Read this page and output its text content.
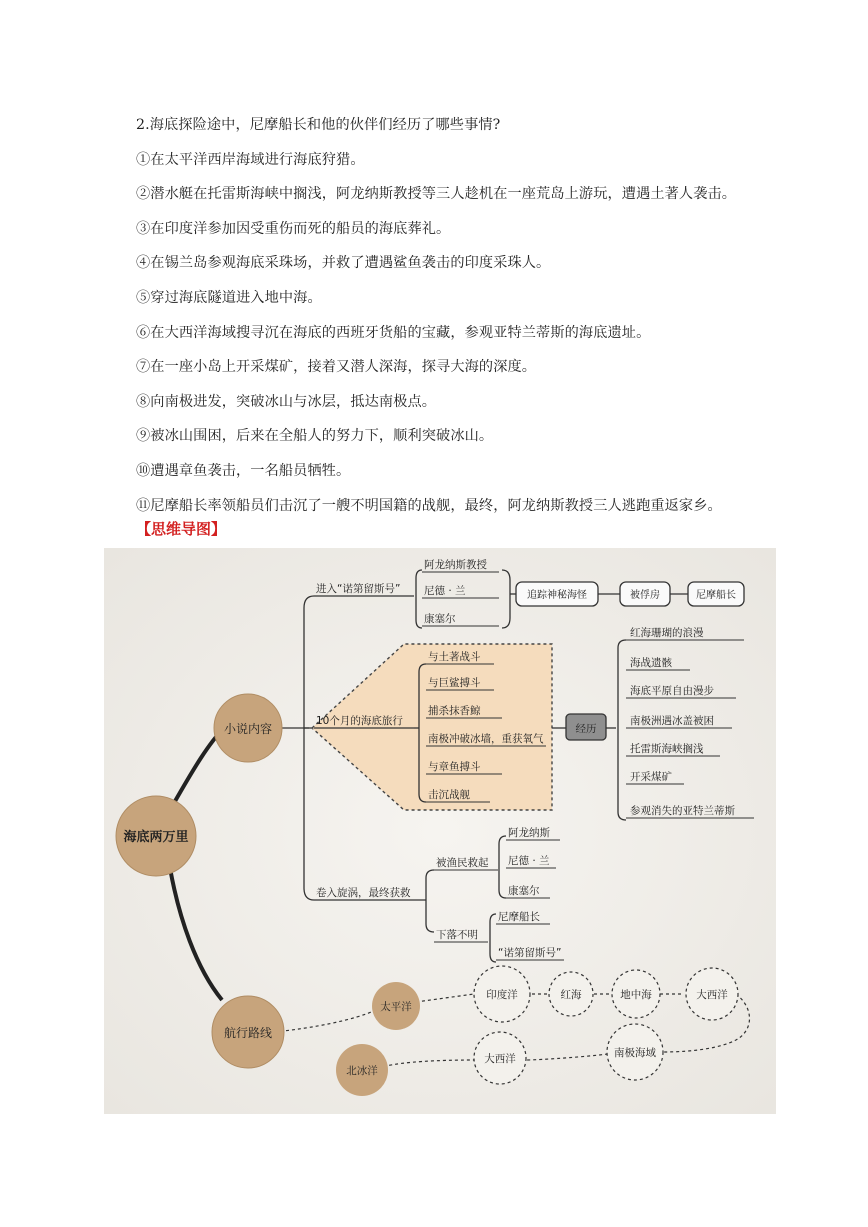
2.海底探险途中，尼摩船长和他的伙伴们经历了哪些事情?
①在太平洋西岸海域进行海底狩猎。
②潜水艇在托雷斯海峡中搁浅，阿龙纳斯教授等三人趁机在一座荒岛上游玩，遭遇土著人袭击。
③在印度洋参加因受重伤而死的船员的海底葬礼。
④在锡兰岛参观海底采珠场，并救了遭遇鲨鱼袭击的印度采珠人。
⑤穿过海底隧道进入地中海。
⑥在大西洋海域搜寻沉在海底的西班牙货船的宝藏，参观亚特兰蒂斯的海底遗址。
⑦在一座小岛上开采煤矿，接着又潜人深海，探寻大海的深度。
⑧向南极进发，突破冰山与冰层，抵达南极点。
⑨被冰山围困，后来在全船人的努力下，顺利突破冰山。
⑩遭遇章鱼袭击，一名船员牺牲。
⑪尼摩船长率领船员们击沉了一艘不明国籍的战舰，最终，阿龙纳斯教授三人逃跑重返家乡。
【思维导图】
海底两万里
小说内容
航行路线
进入“诺第留斯号”
阿龙纳斯教授
尼德 · 兰
康塞尔
追踪神秘海怪	被俘房	尼摩船长
10个月的海底旅行
与土著战斗
与巨鲨搏斗
捕杀抹香鲸
南极冲破冰墙，重获氧气
与章鱼搏斗
击沉战舰
经历
红海珊瑚的浪漫
海战遗骸
海底平原自由漫步
南极洲遇冰盖被困
托雷斯海峡搁浅
开采煤矿
参观消失的亚特兰蒂斯
卷入旋涡，最终获救
被渔民救起
阿龙纳斯
尼德 · 兰
康塞尔
下落不明
尼摩船长
“诺第留斯号”
太平洋
印度洋	红海	地中海	大西洋
南极海域
大西洋
北冰洋
